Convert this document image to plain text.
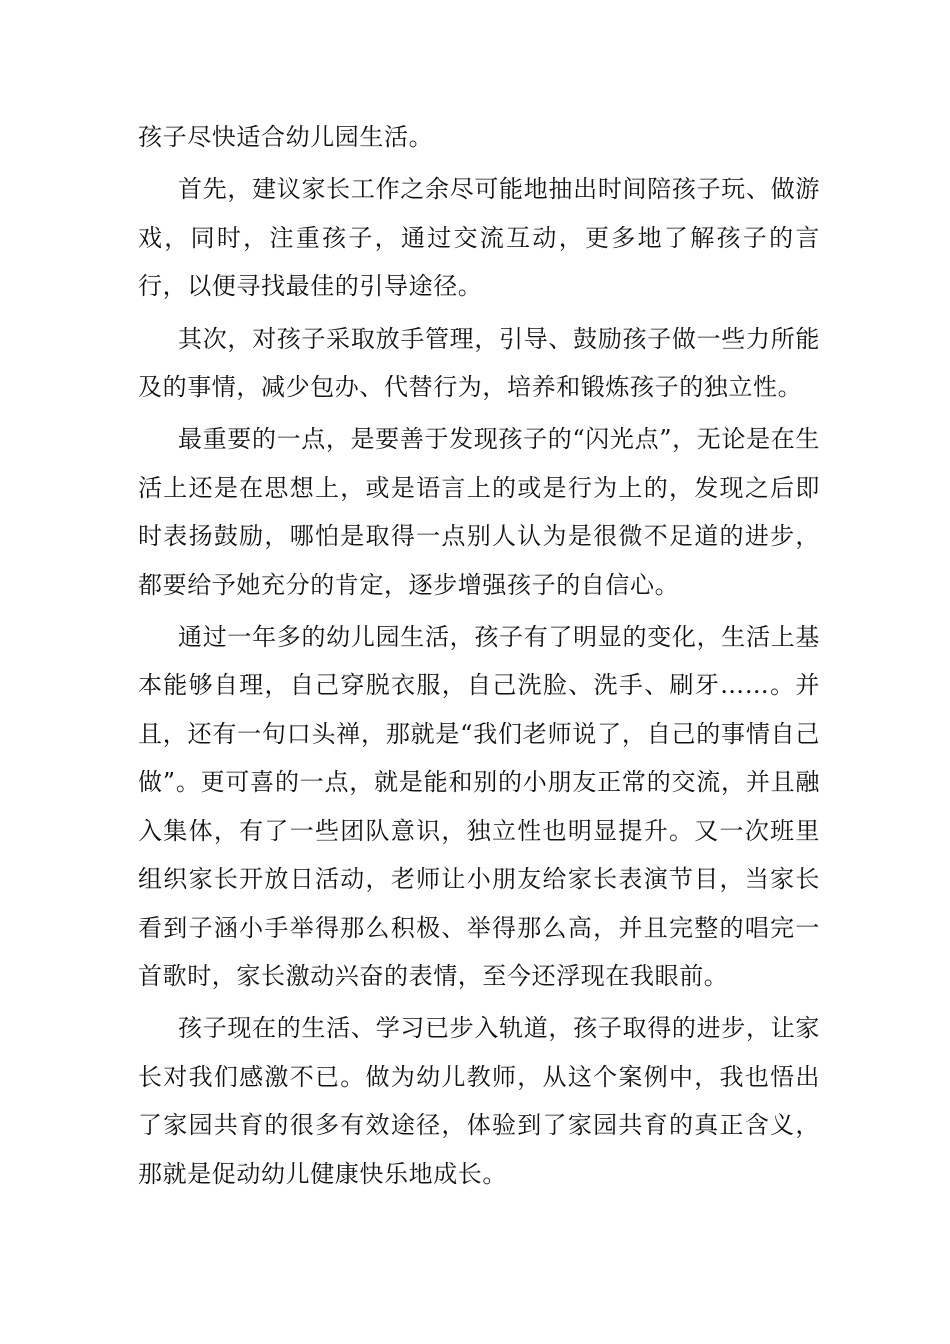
孩子尽快适合幼儿园生活。

首先，建议家长工作之余尽可能地抽出时间陪孩子玩、做游戏，同时，注重孩子，通过交流互动，更多地了解孩子的言行，以便寻找最佳的引导途径。

其次，对孩子采取放手管理，引导、鼓励孩子做一些力所能及的事情，减少包办、代替行为，培养和锻炼孩子的独立性。

最重要的一点，是要善于发现孩子的“闪光点”，无论是在生活上还是在思想上，或是语言上的或是行为上的，发现之后即时表扬鼓励，哪怕是取得一点别人认为是很微不足道的进步，都要给予她充分的肯定，逐步增强孩子的自信心。

通过一年多的幼儿园生活，孩子有了明显的变化，生活上基本能够自理，自己穿脱衣服，自己洗脸、洗手、刷牙……。并且，还有一句口头禅，那就是“我们老师说了，自己的事情自己做”。更可喜的一点，就是能和别的小朋友正常的交流，并且融入集体，有了一些团队意识，独立性也明显提升。又一次班里组织家长开放日活动，老师让小朋友给家长表演节目，当家长看到子涵小手举得那么积极、举得那么高，并且完整的唱完一首歌时，家长激动兴奋的表情，至今还浮现在我眼前。

孩子现在的生活、学习已步入轨道，孩子取得的进步，让家长对我们感激不已。做为幼儿教师，从这个案例中，我也悟出了家园共育的很多有效途径，体验到了家园共育的真正含义，那就是促动幼儿健康快乐地成长。
